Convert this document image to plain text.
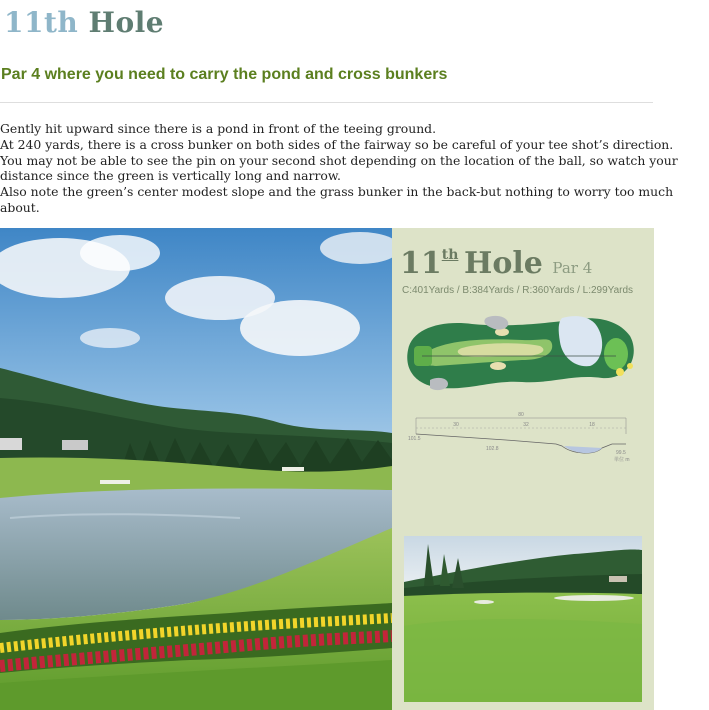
11th Hole
Par 4 where you need to carry the pond and cross bunkers

Gently hit upward since there is a pond in front of the teeing ground.

At 240 yards, there is a cross bunker on both sides of the fairway so be careful of your tee shot’s direction.

You may not be able to see the pin on your second shot depending on the location of the ball, so watch your distance since the green is vertically long and narrow.

Also note the green’s center modest slope and the grass bunker in the back-but nothing to worry too much about.

11th Hole Par 4
C:401Yards / B:384Yards / R:360Yards / L:299Yards
80
30	32	18
101.5
102.8
99.5
単位 m
